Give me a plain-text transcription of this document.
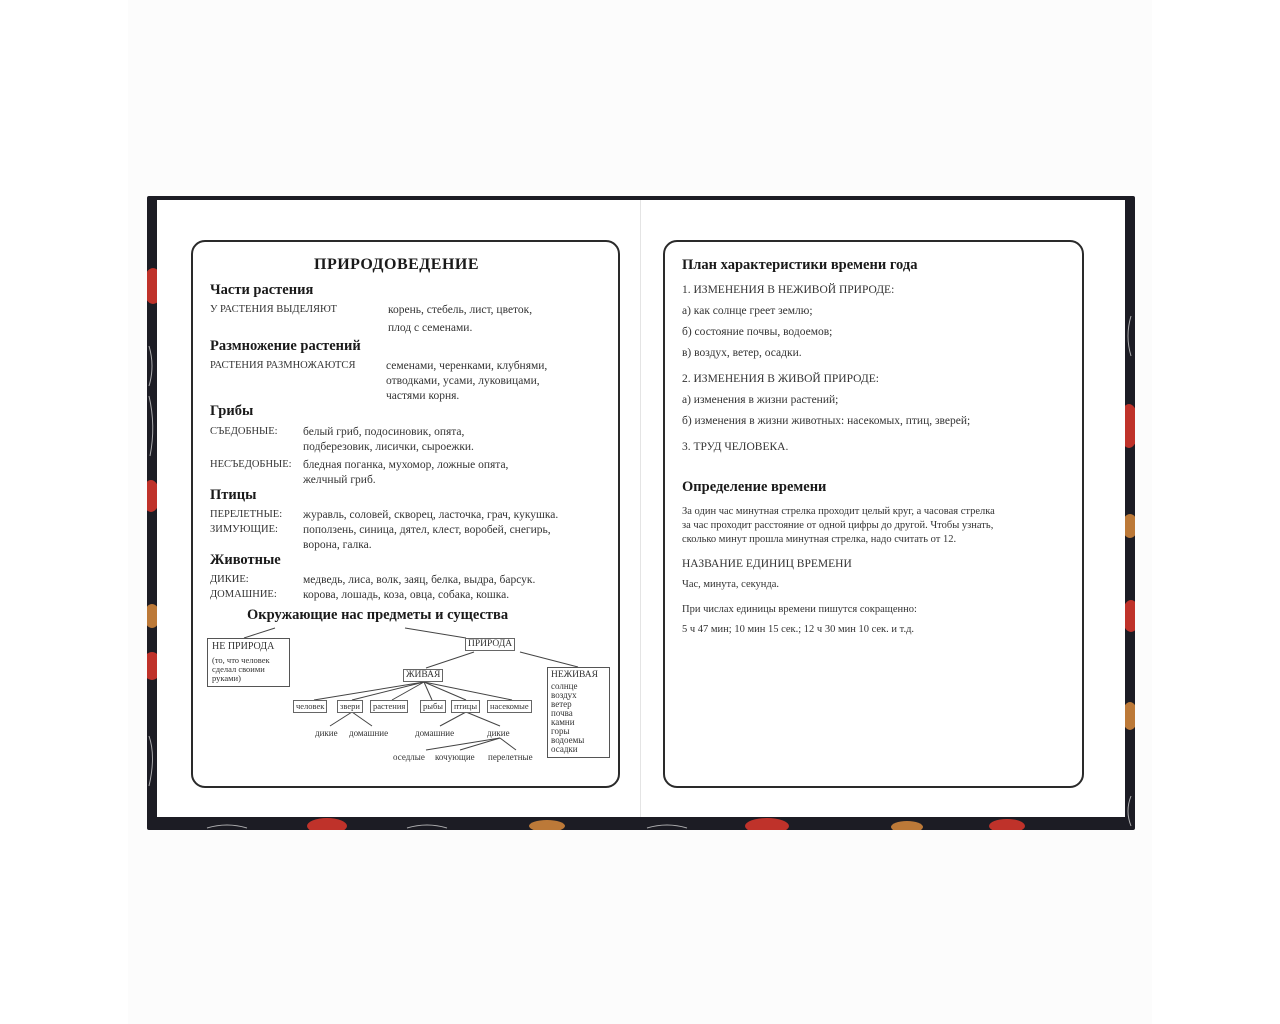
ПРИРОДОВЕДЕНИЕ
Части растения
У РАСТЕНИЯ ВЫДЕЛЯЮТ	корень, стебель, лист, цветок,
плод с семенами.
Размножение растений
РАСТЕНИЯ РАЗМНОЖАЮТСЯ	семенами, черенками, клубнями,
отводками, усами, луковицами,
частями корня.
Грибы
СЪЕДОБНЫЕ: белый гриб, подосиновик, опята,
подберезовик, лисички, сыроежки.
НЕСЪЕДОБНЫЕ: бледная поганка, мухомор, ложные опята,
желчный гриб.
Птицы
ПЕРЕЛЕТНЫЕ: журавль, соловей, скворец, ласточка, грач, кукушка.
ЗИМУЮЩИЕ: поползень, синица, дятел, клест, воробей, снегирь,
ворона, галка.
Животные
ДИКИЕ:	медведь, лиса, волк, заяц, белка, выдра, барсук.
ДОМАШНИЕ: корова, лошадь, коза, овца, собака, кошка.
Окружающие нас предметы и существа
НЕ ПРИРОДА
(то, что человек
сделал своими
руками)
ПРИРОДА
ЖИВАЯ	НЕЖИВАЯ
солнце
воздух
ветер
почва
камни
горы
водоемы
осадки
человек	звери	растения	рыбы	птицы	насекомые
дикие домашние	домашние	дикие
оседлые кочующие перелетные
План характеристики времени года
1. ИЗМЕНЕНИЯ В НЕЖИВОЙ ПРИРОДЕ:
а) как солнце греет землю;
б) состояние почвы, водоемов;
в) воздух, ветер, осадки.
2. ИЗМЕНЕНИЯ В ЖИВОЙ ПРИРОДЕ:
а) изменения в жизни растений;
б) изменения в жизни животных: насекомых, птиц, зверей;
3. ТРУД ЧЕЛОВЕКА.
Определение времени
За один час минутная стрелка проходит целый круг, а часовая стрелка
за час проходит расстояние от одной цифры до другой. Чтобы узнать,
сколько минут прошла минутная стрелка, надо считать от 12.
НАЗВАНИЕ ЕДИНИЦ ВРЕМЕНИ
Час, минута, секунда.
При числах единицы времени пишутся сокращенно:
5 ч 47 мин; 10 мин 15 сек.; 12 ч 30 мин 10 сек. и т.д.
